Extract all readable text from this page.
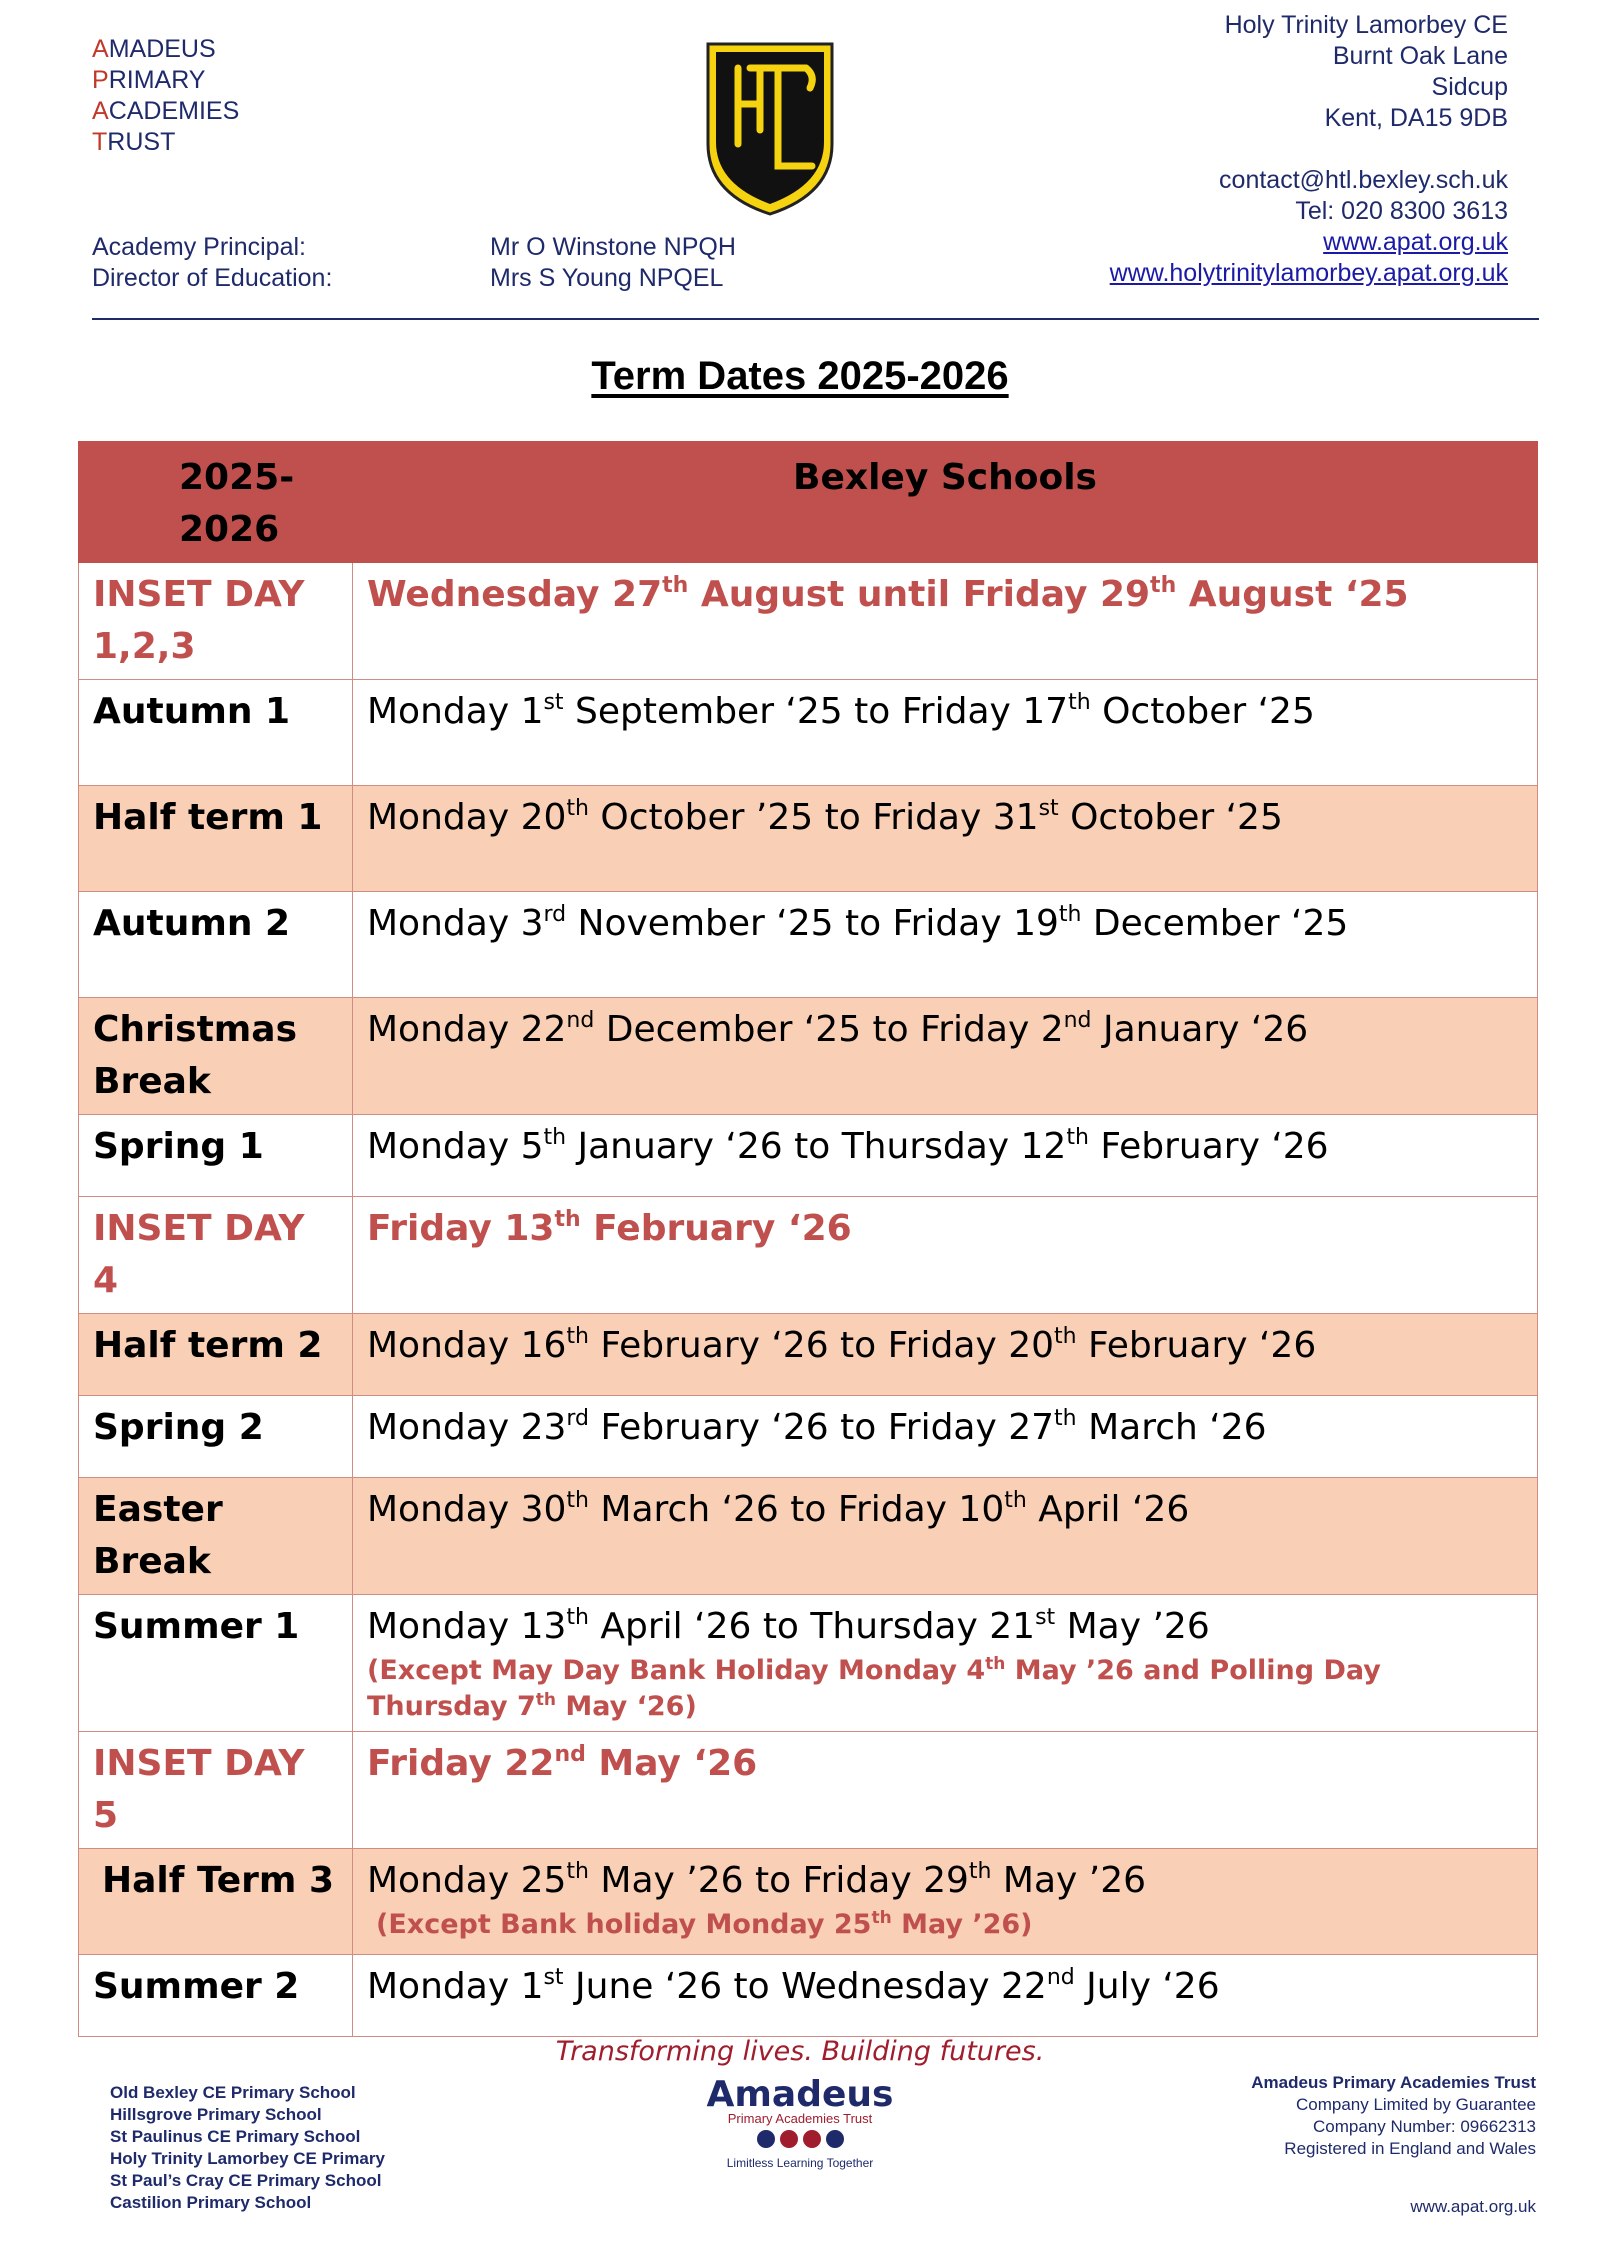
AMADEUS
PRIMARY
ACADEMIES
TRUST
Holy Trinity Lamorbey CE
Burnt Oak Lane
Sidcup
Kent, DA15 9DB
contact@htl.bexley.sch.uk
Tel: 020 8300 3613
www.apat.org.uk
www.holytrinitylamorbey.apat.org.uk
Academy Principal:	Mr O Winstone NPQH
Director of Education:	Mrs S Young NPQEL
Term Dates 2025-2026
2025-2026	Bexley Schools
INSET DAY 1,2,3	Wednesday 27th August until Friday 29th August ‘25
Autumn 1	Monday 1st September ‘25 to Friday 17th October ‘25
Half term 1	Monday 20th October ’25 to Friday 31st October ‘25
Autumn 2	Monday 3rd November ‘25 to Friday 19th December ‘25
Christmas Break	Monday 22nd December ‘25 to Friday 2nd January ‘26
Spring 1	Monday 5th January ‘26 to Thursday 12th February ‘26
INSET DAY 4	Friday 13th February ‘26
Half term 2	Monday 16th February ‘26 to Friday 20th February ‘26
Spring 2	Monday 23rd February ‘26 to Friday 27th March ‘26
Easter Break	Monday 30th March ‘26 to Friday 10th April ‘26
Summer 1	Monday 13th April ‘26 to Thursday 21st May ’26
(Except May Day Bank Holiday Monday 4th May ’26 and Polling Day Thursday 7th May ‘26)

INSET DAY 5	Friday 22nd May ‘26
Half Term 3	Monday 25th May ’26 to Friday 29th May ’26
(Except Bank holiday Monday 25th May ’26)

Summer 2	Monday 1st June ‘26 to Wednesday 22nd July ‘26
Transforming lives. Building futures.
Old Bexley CE Primary School
Hillsgrove Primary School
St Paulinus CE Primary School
Holy Trinity Lamorbey CE Primary
St Paul’s Cray CE Primary School
Castilion Primary School
Amadeus
Primary Academies Trust
Limitless Learning Together
Amadeus Primary Academies Trust
Company Limited by Guarantee
Company Number: 09662313
Registered in England and Wales
www.apat.org.uk
